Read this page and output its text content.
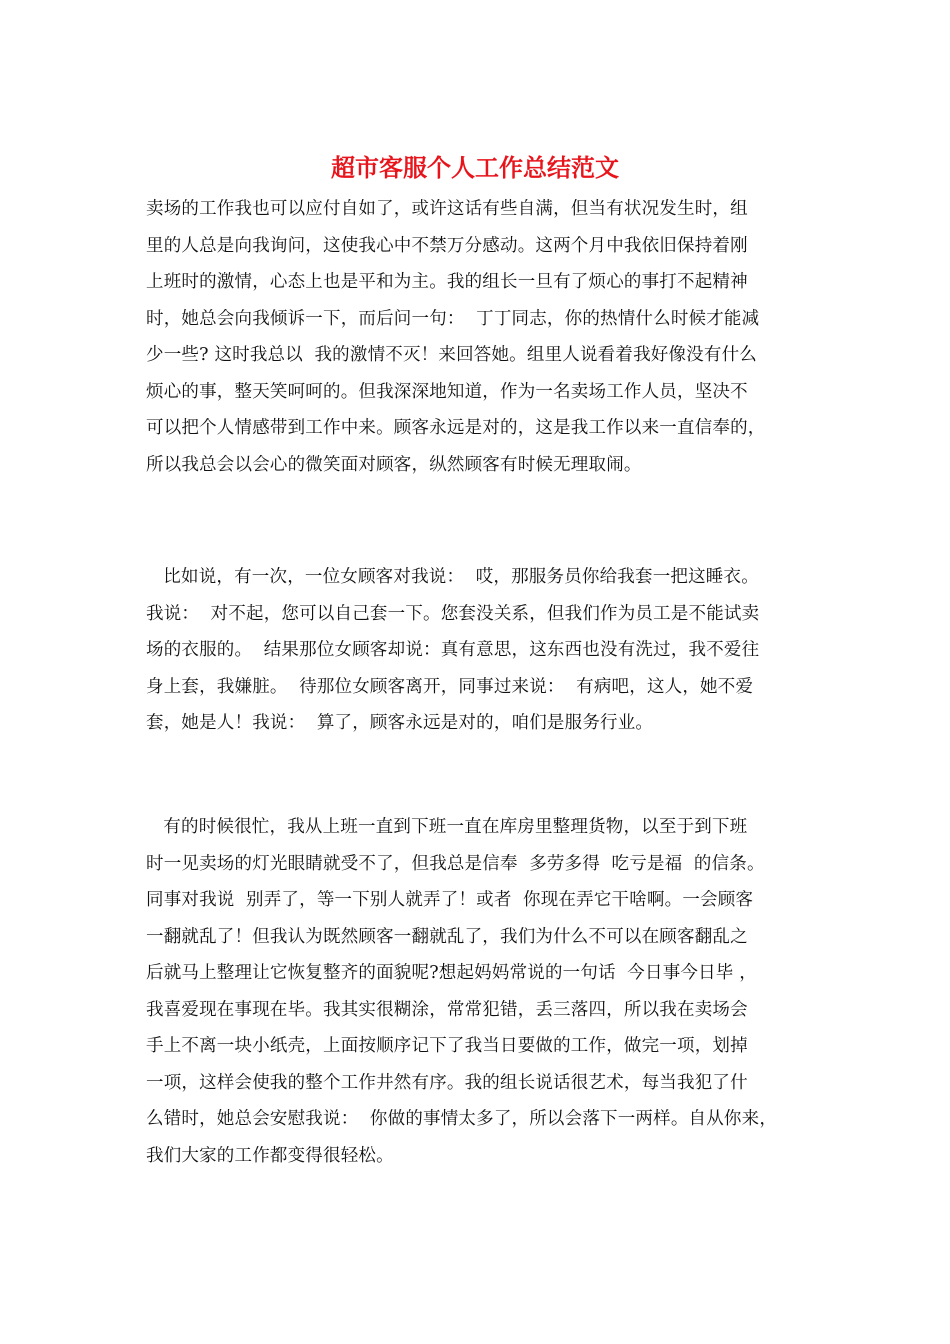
超市客服个人工作总结范文
卖场的工作我也可以应付自如了，或许这话有些自满，但当有状况发生时，组
里的人总是向我询问，这使我心中不禁万分感动。这两个月中我依旧保持着刚
上班时的激情，心态上也是平和为主。我的组长一旦有了烦心的事打不起精神
时，她总会向我倾诉一下，而后问一句：  丁丁同志，你的热情什么时候才能减
少一些? 这时我总以  我的激情不灭！来回答她。组里人说看着我好像没有什么
烦心的事，整天笑呵呵的。但我深深地知道，作为一名卖场工作人员，坚决不
可以把个人情感带到工作中来。顾客永远是对的，这是我工作以来一直信奉的，
所以我总会以会心的微笑面对顾客，纵然顾客有时候无理取闹。
比如说，有一次，一位女顾客对我说：  哎，那服务员你给我套一把这睡衣。
我说：  对不起，您可以自己套一下。您套没关系，但我们作为员工是不能试卖
场的衣服的。  结果那位女顾客却说：真有意思，这东西也没有洗过，我不爱往
身上套，我嫌脏。  待那位女顾客离开，同事过来说：  有病吧，这人，她不爱
套，她是人！我说：  算了，顾客永远是对的，咱们是服务行业。
有的时候很忙，我从上班一直到下班一直在库房里整理货物，以至于到下班
时一见卖场的灯光眼睛就受不了，但我总是信奉  多劳多得  吃亏是福  的信条。
同事对我说  别弄了，等一下别人就弄了！或者  你现在弄它干啥啊。一会顾客
一翻就乱了！但我认为既然顾客一翻就乱了，我们为什么不可以在顾客翻乱之
后就马上整理让它恢复整齐的面貌呢?想起妈妈常说的一句话  今日事今日毕 ，
我喜爱现在事现在毕。我其实很糊涂，常常犯错，丢三落四，所以我在卖场会
手上不离一块小纸壳，上面按顺序记下了我当日要做的工作，做完一项，划掉
一项，这样会使我的整个工作井然有序。我的组长说话很艺术，每当我犯了什
么错时，她总会安慰我说：  你做的事情太多了，所以会落下一两样。自从你来，
我们大家的工作都变得很轻松。
